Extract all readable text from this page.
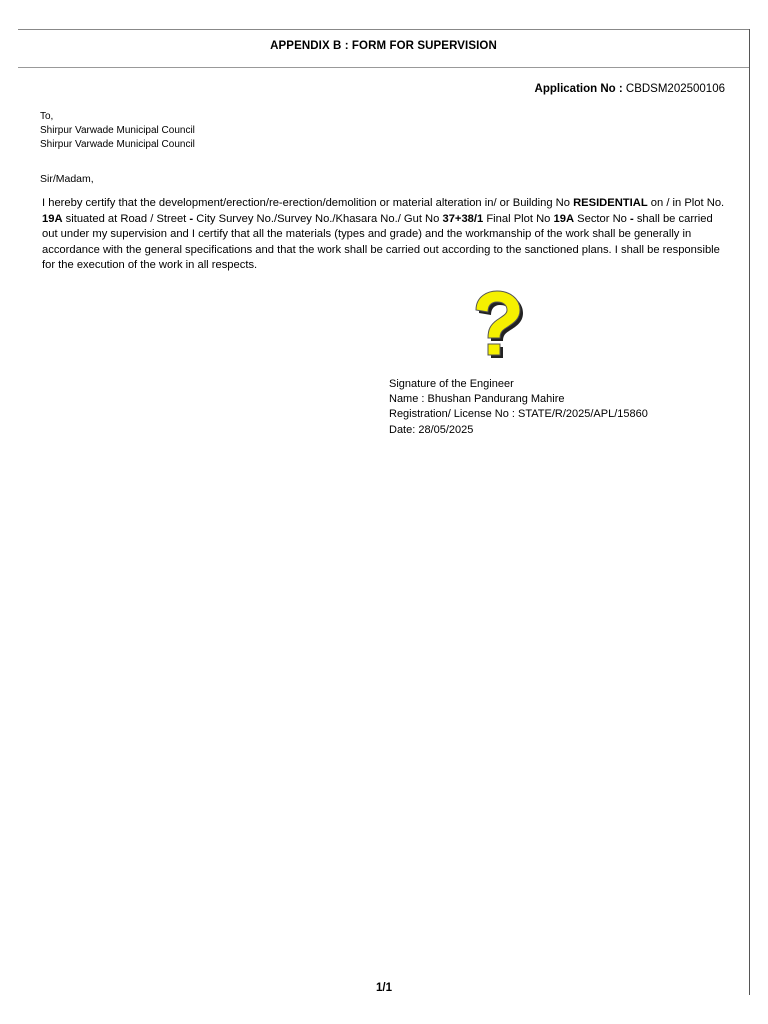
APPENDIX B : FORM FOR SUPERVISION
Application No : CBDSM202500106
To,
Shirpur Varwade Municipal Council
Shirpur Varwade Municipal Council
Sir/Madam,
I hereby certify that the development/erection/re-erection/demolition or material alteration in/ or Building No RESIDENTIAL on / in Plot No. 19A situated at Road / Street - City Survey No./Survey No./Khasara No./ Gut No 37+38/1 Final Plot No 19A Sector No - shall be carried out under my supervision and I certify that all the materials (types and grade) and the workmanship of the work shall be generally in accordance with the general specifications and that the work shall be carried out according to the sanctioned plans. I shall be responsible for the execution of the work in all respects.
Signature of the Engineer
Name : Bhushan Pandurang Mahire
Registration/ License No : STATE/R/2025/APL/15860
Date: 28/05/2025
1/1
